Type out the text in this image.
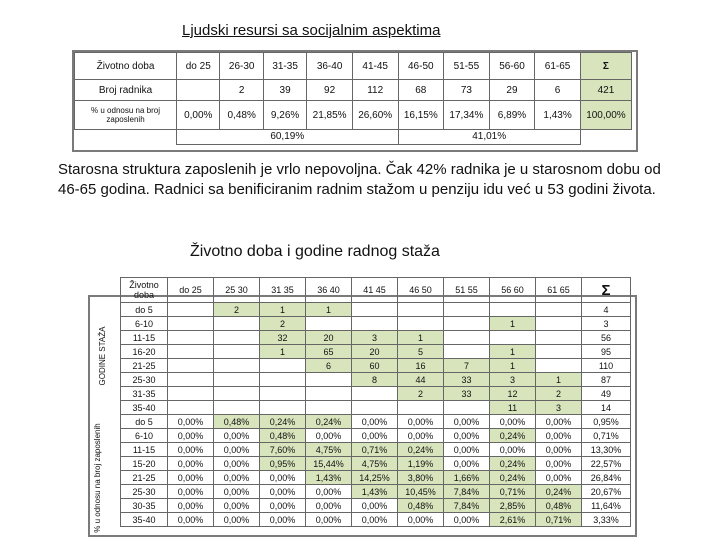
Ljudski resursi sa socijalnim aspektima
Životno doba	do 25	26-30	31-35	36-40	41-45	46-50	51-55	56-60	61-65	Σ
Broj radnika		2	39	92	112	68	73	29	6	421
% u odnosu na broj zaposlenih	0,00%	0,48%	9,26%	21,85%	26,60%	16,15%	17,34%	6,89%	1,43%	100,00%
	60,19%					41,01%				
Starosna struktura zaposlenih je vrlo nepovoljna. Čak 42% radnika je u starosnom dobu od 46-65 godina. Radnici sa benificiranim radnim stažom u penziju idu već u 53 godini života.
Životno doba i godine radnog staža
GODINE STAŽA
% u odnosu na broj zaposlenih
Životno doba	do 25	25 30	31 35	36 40	41 45	46 50	51 55	56 60	61 65	Σ
do 5		2	1	1						4
6-10			2					1		3
11-15			32	20	3	1				56
16-20			1	65	20	5		1		95
21-25				6	60	16	7	1		110
25-30					8	44	33	3	1	87
31-35						2	33	12	2	49
35-40								11	3	14
do 5	0,00%	0,48%	0,24%	0,24%	0,00%	0,00%	0,00%	0,00%	0,00%	0,95%
6-10	0,00%	0,00%	0,48%	0,00%	0,00%	0,00%	0,00%	0,24%	0,00%	0,71%
11-15	0,00%	0,00%	7,60%	4,75%	0,71%	0,24%	0,00%	0,00%	0,00%	13,30%
15-20	0,00%	0,00%	0,95%	15,44%	4,75%	1,19%	0,00%	0,24%	0,00%	22,57%
21-25	0,00%	0,00%	0,00%	1,43%	14,25%	3,80%	1,66%	0,24%	0,00%	26,84%
25-30	0,00%	0,00%	0,00%	0,00%	1,43%	10,45%	7,84%	0,71%	0,24%	20,67%
30-35	0,00%	0,00%	0,00%	0,00%	0,00%	0,48%	7,84%	2,85%	0,48%	11,64%
35-40	0,00%	0,00%	0,00%	0,00%	0,00%	0,00%	0,00%	2,61%	0,71%	3,33%
